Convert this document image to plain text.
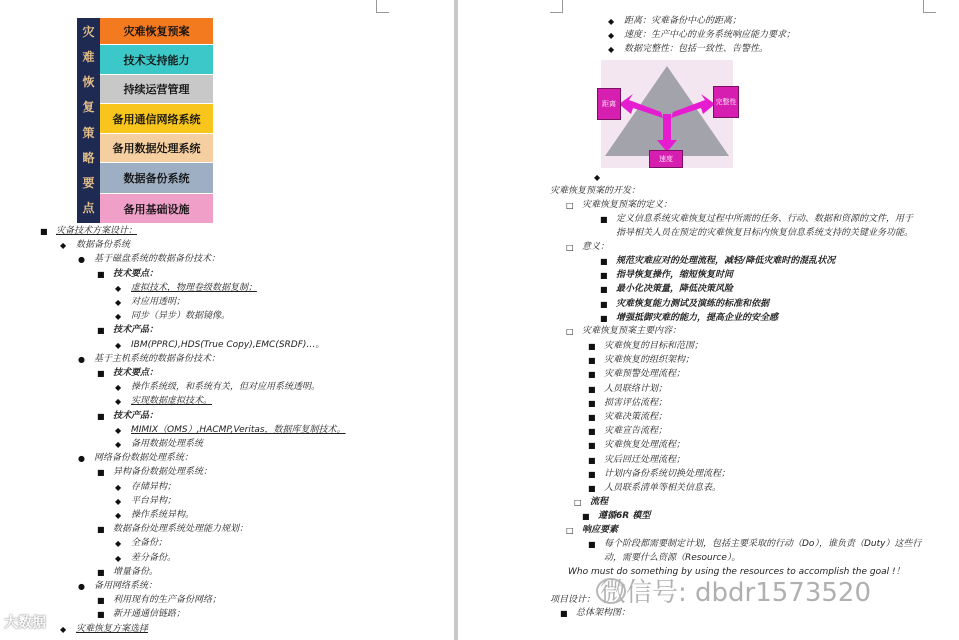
灾
难
恢
复
策
略
要
点
灾难恢复预案
技术支持能力
持续运营管理
备用通信网络系统
备用数据处理系统
数据备份系统
备用基础设施
■ 灾备技术方案设计：
◆ 数据备份系统
● 基于磁盘系统的数据备份技术：
■ 技术要点：
◆ 虚拟技术，物理卷级数据复制；
◆ 对应用透明；
◆ 同步（异步）数据镜像。
■ 技术产品：
◆ IBM(PPRC),HDS(True Copy),EMC(SRDF)…。
● 基于主机系统的数据备份技术：
■ 技术要点：
◆ 操作系统级，和系统有关，但对应用系统透明。
◆ 实现数据虚拟技术。
■ 技术产品：
◆ MIMIX（OMS）,HACMP,Veritas，数据库复制技术。
◆ 备用数据处理系统
● 网络备份数据处理系统：
■ 异构备份数据处理系统：
◆ 存储异构；
◆ 平台异构；
◆ 操作系统异构。
■ 数据备份处理系统处理能力规划：
◆ 全备份；
◆ 差分备份。
■ 增量备份。
● 备用网络系统：
■ 利用现有的生产备份网络；
■ 新开通通信链路；
◆ 灾难恢复方案选择
距离	完整性
速度
◆ 距离：灾难备份中心的距离；
◆ 速度：生产中心的业务系统响应能力要求；
◆ 数据完整性：包括一致性、告警性。
◆
灾难恢复预案的开发：
□ 灾难恢复预案的定义：
■ 定义信息系统灾难恢复过程中所需的任务、行动、数据和资源的文件，用于
指导相关人员在预定的灾难恢复目标内恢复信息系统支持的关键业务功能。
□ 意义：
■ 规范灾难应对的处理流程，减轻/降低灾难时的混乱状况
■ 指导恢复操作，缩短恢复时间
■ 最小化决策量，降低决策风险
■ 灾难恢复能力测试及演练的标准和依据
■ 增强抵御灾难的能力，提高企业的安全感
□ 灾难恢复预案主要内容：
■ 灾难恢复的目标和范围；
■ 灾难恢复的组织架构；
■ 灾难预警处理流程；
■ 人员联络计划；
■ 损害评估流程；
■ 灾难决策流程；
■ 灾难宣告流程；
■ 灾难恢复处理流程；
■ 灾后回迁处理流程；
■ 计划内备份系统切换处理流程；
■ 人员联系清单等相关信息表。
□ 流程
■ 遵循6R 模型
□ 响应要素
■ 每个阶段都需要制定计划，包括主要采取的行动（Do），谁负责（Duty）这些行
动，需要什么资源（Resource）。
Who must do something by using the resources to accomplish the goal !！
项目设计：
■ 总体架构图：
微信号: dbdr1573520
大数据
